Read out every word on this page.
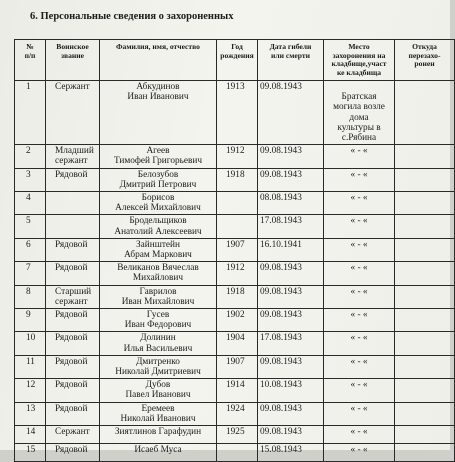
6. Персональные сведения о захороненных
№
п/п	Воинское
звание	Фамилия, имя, отчество	Год
рождения	Дата гибели
или смерти	Место
захоронения на
кладбище,участ
ке кладбища	Откуда
перезахо-
ронен

1	Сержант	Абкудинов
Иван Иванович	1913	09.08.1943	Братская
могила возле
дома
культуры в
с.Рябина	

2	Младший
сержант	Агеев
Тимофей Григорьевич	1912	09.08.1943	« - «	

3	Рядовой	Белозубов
Дмитрий Петрович	1918	09.08.1943	« - «	

4		Борисов
Алексей Михайлович		08.08.1943	« - «	

5		Бродельщиков
Анатолий Алексеевич		17.08.1943	« - «	

6	Рядовой	Зайнштейн
Абрам Маркович	1907	16.10.1941	« - «	

7	Рядовой	Великанов Вячеслав
Михайлович	1912	09.08.1943	« - «	

8	Старший
сержант	Гаврилов
Иван Михайлович	1918	09.08.1943	« - «	

9	Рядовой	Гусев
Иван Федорович	1902	09.08.1943	« - «	

10	Рядовой	Долинин
Илья Васильевич	1904	17.08.1943	« - «	

11	Рядовой	Дмитренко
Николай Дмитриевич	1907	09.08.1943	« - «	

12	Рядовой	Дубов
Павел Иванович	1914	10.08.1943	« - «	

13	Рядовой	Еремеев
Николай Иванович	1924	09.08.1943	« - «	

14	Сержант	Зиятлинов Гарафудин	1925	09.08.1943	« - «	

15	Рядовой	Исаеб Муса		15.08.1943	« - «	
